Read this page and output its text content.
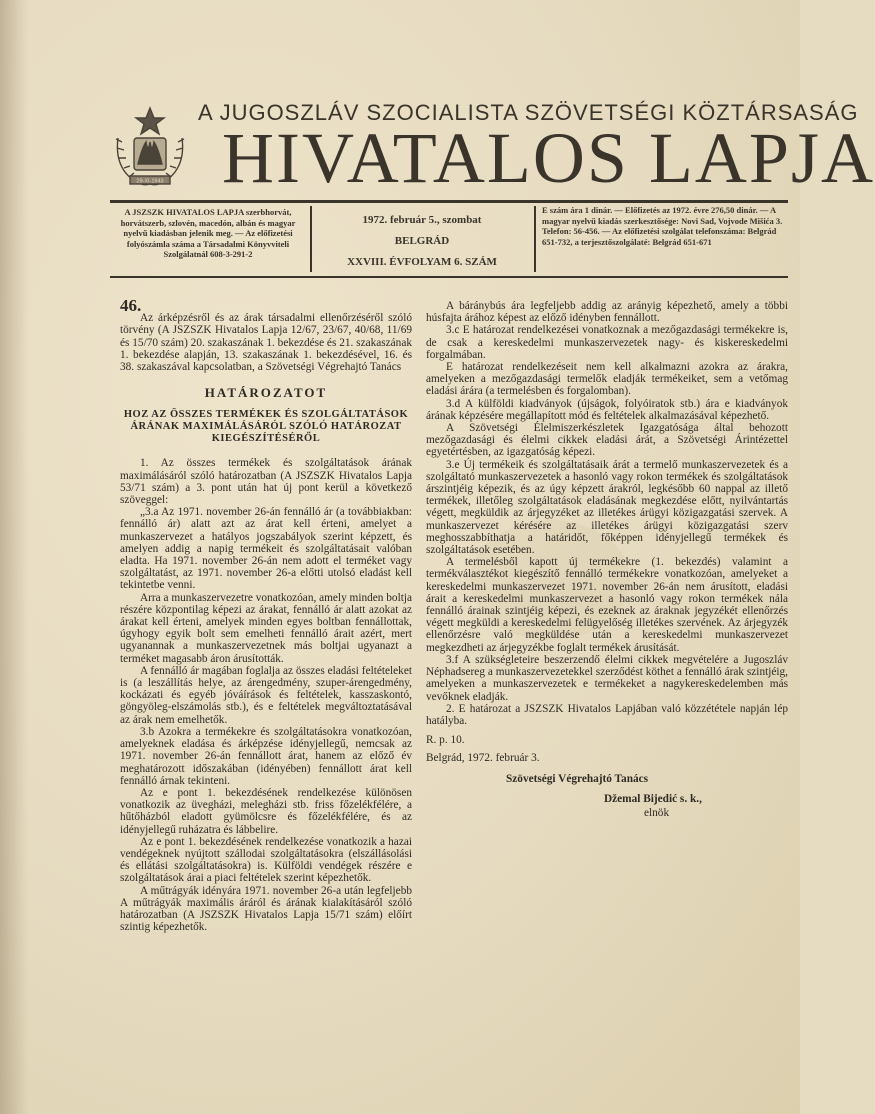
29-XI-1943
A JUGOSZLÁV SZOCIALISTA SZÖVETSÉGI KÖZTÁRSASÁG
HIVATALOS LAPJA
A JSZSZK HIVATALOS LAPJA szerbhorvát, horvátszerb, szlovén, macedón, albán és magyar nyelvű kiadásban jelenik meg. — Az előfizetési folyószámla száma a Társadalmi Könyvviteli Szolgálatnál 608-3-291-2
1972. február 5., szombat
BELGRÁD
XXVIII. ÉVFOLYAM 6. SZÁM
E szám ára 1 dinár. — Előfizetés az 1972. évre 276,50 dinár. — A magyar nyelvű kiadás szerkesztősége: Novi Sad, Vojvode Mišića 3. Telefon: 56-456. — Az előfizetési szolgálat telefonszáma: Belgrád 651-732, a terjesztőszolgálaté: Belgrád 651-671

46.

Az árképzésről és az árak társadalmi ellenőrzéséről szóló törvény (A JSZSZK Hivatalos Lapja 12/67, 23/67, 40/68, 11/69 és 15/70 szám) 20. szakaszának 1. bekezdése és 21. szakaszának 1. bekezdése alapján, 13. szakaszának 1. bekezdésével, 16. és 38. szakaszával kapcsolatban, a Szövetségi Végrehajtó Tanács

HATÁROZATOT

HOZ AZ ÖSSZES TERMÉKEK ÉS SZOLGÁLTATÁSOK ÁRÁNAK MAXIMÁLÁSÁRÓL SZÓLÓ HATÁROZAT KIEGÉSZÍTÉSÉRŐL

1. Az összes termékek és szolgáltatások árának maximálásáról szóló határozatban (A JSZSZK Hivatalos Lapja 53/71 szám) a 3. pont után hat új pont kerül a következő szöveggel:

„3.a Az 1971. november 26-án fennálló ár (a továbbiakban: fennálló ár) alatt azt az árat kell érteni, amelyet a munkaszervezet a hatályos jogszabályok szerint képzett, és amelyen addig a napig termékeit és szolgáltatásait valóban eladta. Ha 1971. november 26-án nem adott el terméket vagy szolgáltatást, az 1971. november 26-a előtti utolsó eladást kell tekintetbe venni.

Arra a munkaszervezetre vonatkozóan, amely minden boltja részére központilag képezi az árakat, fennálló ár alatt azokat az árakat kell érteni, amelyek minden egyes boltban fennállottak, úgyhogy egyik bolt sem emelheti fennálló árait azért, mert ugyanannak a munkaszervezetnek más boltjai ugyanazt a terméket magasabb áron árusították.

A fennálló ár magában foglalja az összes eladási feltételeket is (a leszállítás helye, az árengedmény, szuper-árengedmény, kockázati és egyéb jóváírások és feltételek, kasszaskontó, göngyöleg-elszámolás stb.), és e feltételek megváltoztatásával az árak nem emelhetők.

3.b Azokra a termékekre és szolgáltatásokra vonatkozóan, amelyeknek eladása és árképzése idényjellegű, nemcsak az 1971. november 26-án fennállott árat, hanem az előző év meghatározott időszakában (idényében) fennállott árat kell fennálló árnak tekinteni.

Az e pont 1. bekezdésének rendelkezése különösen vonatkozik az üvegházi, melegházi stb. friss főzelékfélére, a hűtőházból eladott gyümölcsre és főzelékfélére, és az idényjellegű ruházatra és lábbelire.

Az e pont 1. bekezdésének rendelkezése vonatkozik a hazai vendégeknek nyújtott szállodai szolgáltatásokra (elszállásolási és ellátási szolgáltatásokra) is. Külföldi vendégek részére e szolgáltatások árai a piaci feltételek szerint képezhetők.

A műtrágyák idényára 1971. november 26-a után legfeljebb A műtrágyák maximális áráról és árának kialakításáról szóló határozatban (A JSZSZK Hivatalos Lapja 15/71 szám) előírt szintig képezhetők.

A báránybús ára legfeljebb addig az arányig képezhető, amely a többi húsfajta árához képest az előző idényben fennállott.

3.c E határozat rendelkezései vonatkoznak a mezőgazdasági termékekre is, de csak a kereskedelmi munkaszervezetek nagy- és kiskereskedelmi forgalmában.

E határozat rendelkezéseit nem kell alkalmazni azokra az árakra, amelyeken a mezőgazdasági termelők eladják termékeiket, sem a vetőmag eladási árára (a termelésben és forgalomban).

3.d A külföldi kiadványok (újságok, folyóiratok stb.) ára e kiadványok árának képzésére megállapított mód és feltételek alkalmazásával képezhető.

A Szövetségi Élelmiszerkészletek Igazgatósága által behozott mezőgazdasági és élelmi cikkek eladási árát, a Szövetségi Árintézettel egyetértésben, az igazgatóság képezi.

3.e Új termékeik és szolgáltatásaik árát a termelő munkaszervezetek és a szolgáltató munkaszervezetek a hasonló vagy rokon termékek és szolgáltatások árszintjéig képezik, és az úgy képzett árakról, legkésőbb 60 nappal az illető termékek, illetőleg szolgáltatások eladásának megkezdése előtt, nyilvántartás végett, megküldik az árjegyzéket az illetékes árügyi közigazgatási szervek. A munkaszervezet kérésére az illetékes árügyi közigazgatási szerv meghosszabbíthatja a határidőt, főképpen idényjellegű termékek és szolgáltatások esetében.

A termelésből kapott új termékekre (1. bekezdés) valamint a termékválasztékot kiegészítő fennálló termékekre vonatkozóan, amelyeket a kereskedelmi munkaszervezet 1971. november 26-án nem árusított, eladási árait a kereskedelmi munkaszervezet a hasonló vagy rokon termékek nála fennálló árainak szintjéig képezi, és ezeknek az áraknak jegyzékét ellenőrzés végett megküldi a kereskedelmi felügyelőség illetékes szervének. Az árjegyzék ellenőrzésre való megküldése után a kereskedelmi munkaszervezet megkezdheti az árjegyzékbe foglalt termékek árusítását.

3.f A szükségleteire beszerzendő élelmi cikkek megvételére a Jugoszláv Néphadsereg a munkaszervezetekkel szerződést köthet a fennálló árak szintjéig, amelyeken a munkaszervezetek e termékeket a nagykereskedelemben más vevőknek eladják.

2. E határozat a JSZSZK Hivatalos Lapjában való közzététele napján lép hatályba.

R. p. 10.

Belgrád, 1972. február 3.

Szövetségi Végrehajtó Tanács

Džemal Bijedić s. k.,

elnök
